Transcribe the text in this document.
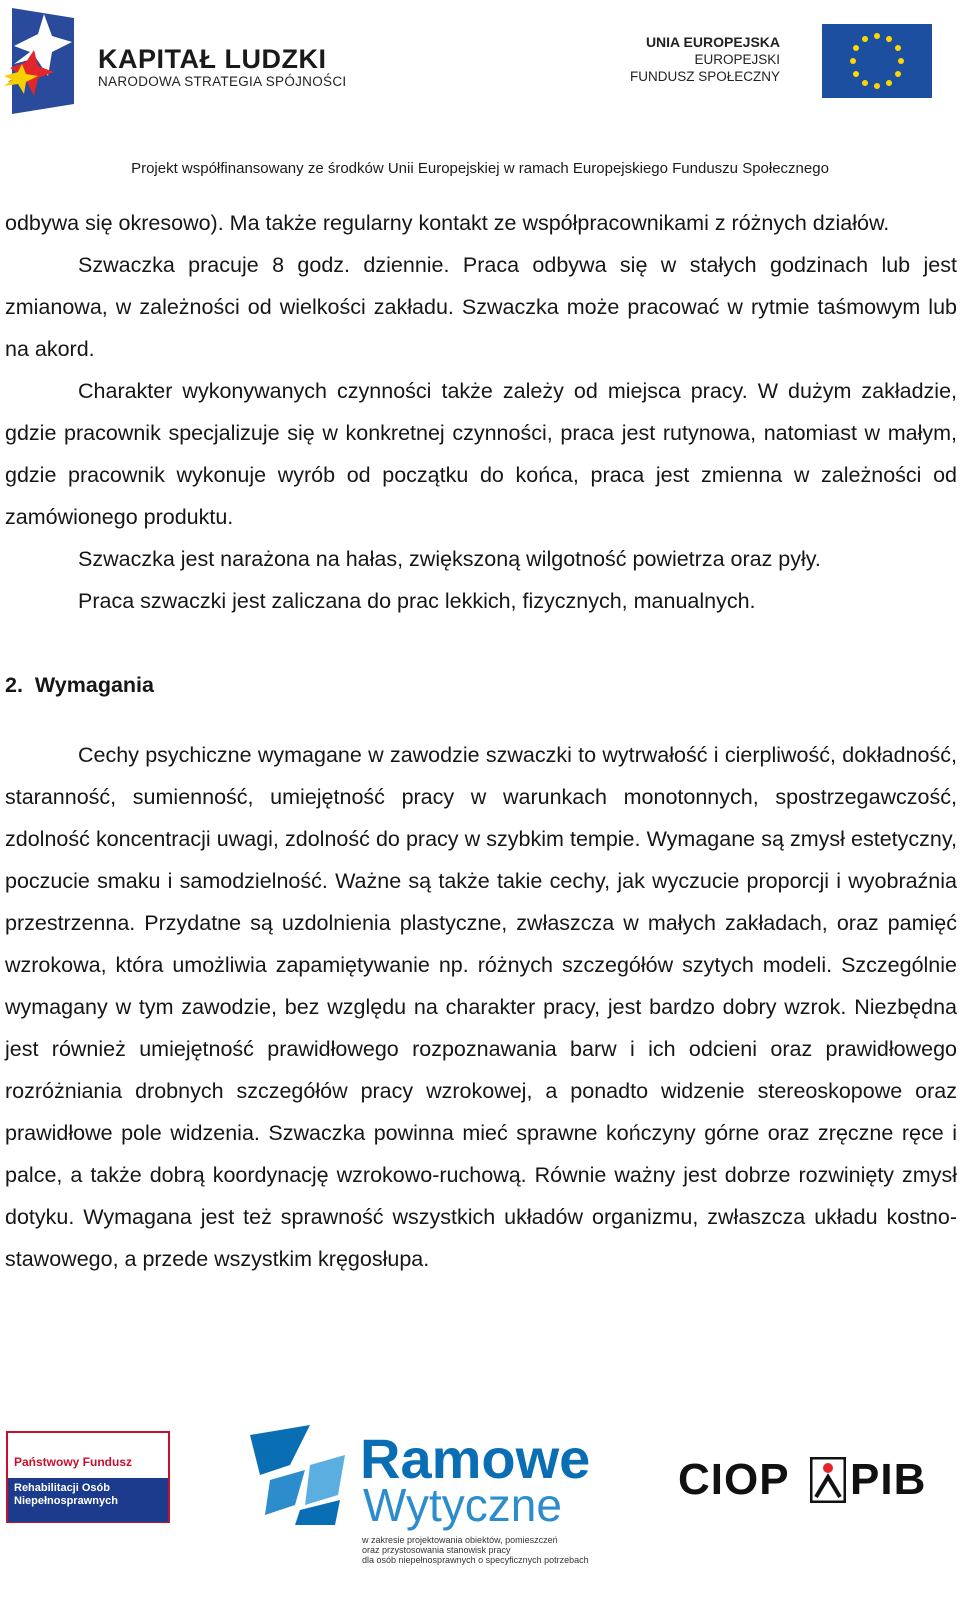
KAPITAŁ LUDZKI
NARODOWA STRATEGIA SPÓJNOŚCI
UNIA EUROPEJSKA
EUROPEJSKI
FUNDUSZ SPOŁECZNY
Projekt współfinansowany ze środków Unii Europejskiej w ramach Europejskiego Funduszu Społecznego

odbywa się okresowo). Ma także regularny kontakt ze współpracownikami z różnych działów.

Szwaczka pracuje 8 godz. dziennie. Praca odbywa się w stałych godzinach lub jest zmianowa, w zależności od wielkości zakładu. Szwaczka może pracować w rytmie taśmowym lub na akord.

Charakter wykonywanych czynności także zależy od miejsca pracy. W dużym zakładzie, gdzie pracownik specjalizuje się w konkretnej czynności, praca jest rutynowa, natomiast w małym, gdzie pracownik wykonuje wyrób od początku do końca, praca jest zmienna w zależności od zamówionego produktu.

Szwaczka jest narażona na hałas, zwiększoną wilgotność powietrza oraz pyły.

Praca szwaczki jest zaliczana do prac lekkich, fizycznych, manualnych.

2.  Wymagania

Cechy psychiczne wymagane w zawodzie szwaczki to wytrwałość i cierpliwość, dokładność, staranność, sumienność, umiejętność pracy w warunkach monotonnych, spostrzegawczość, zdolność koncentracji uwagi, zdolność do pracy w szybkim tempie. Wymagane są zmysł estetyczny, poczucie smaku i samodzielność. Ważne są także takie cechy, jak wyczucie proporcji i wyobraźnia przestrzenna. Przydatne są uzdolnienia plastyczne, zwłaszcza w małych zakładach, oraz pamięć wzrokowa, która umożliwia zapamiętywanie np. różnych szczegółów szytych modeli. Szczególnie wymagany w tym zawodzie, bez względu na charakter pracy, jest bardzo dobry wzrok. Niezbędna jest również umiejętność prawidłowego rozpoznawania barw i ich odcieni oraz prawidłowego rozróżniania drobnych szczegółów pracy wzrokowej, a ponadto widzenie stereoskopowe oraz prawidłowe pole widzenia. Szwaczka powinna mieć sprawne kończyny górne oraz zręczne ręce i palce, a także dobrą koordynację wzrokowo-ruchową. Równie ważny jest dobrze rozwinięty zmysł dotyku. Wymagana jest też sprawność wszystkich układów organizmu, zwłaszcza układu kostno-stawowego, a przede wszystkim kręgosłupa.

Państwowy Fundusz
Rehabilitacji Osób
Niepełnosprawnych
Ramowe
Wytyczne
w zakresie projektowania obiektów, pomieszczeń
oraz przystosowania stanowisk pracy
dla osób niepełnosprawnych o specyficznych potrzebach
CIOP PIB
